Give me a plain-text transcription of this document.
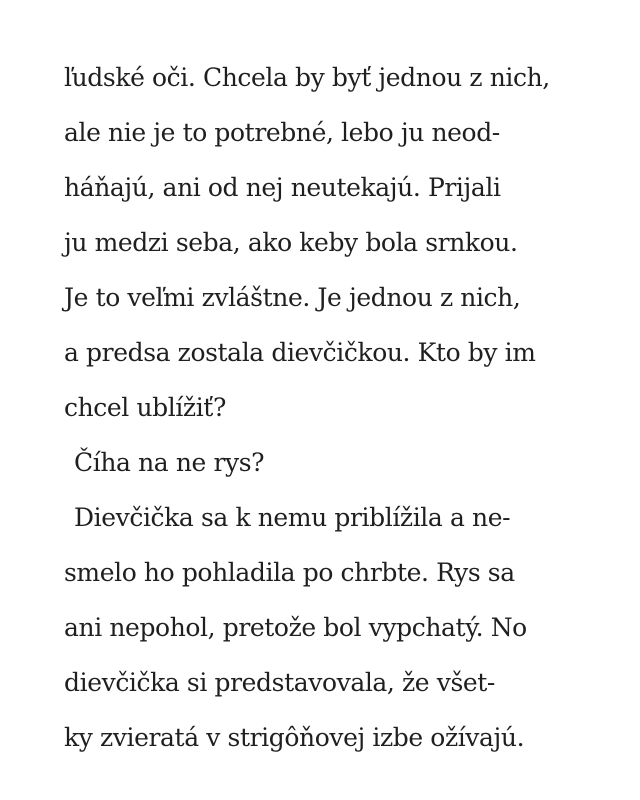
ľudské oči. Chcela by byť jednou z nich,
ale nie je to potrebné, lebo ju neod-
háňajú, ani od nej neutekajú. Prijali
ju medzi seba, ako keby bola srnkou.
Je to veľmi zvláštne. Je jednou z nich,
a predsa zostala dievčičkou. Kto by im
chcel ublížiť?
Číha na ne rys?
Dievčička sa k nemu priblížila a ne-
smelo ho pohladila po chrbte. Rys sa
ani nepohol, pretože bol vypchatý. No
dievčička si predstavovala, že všet-
ky zvieratá v strigôňovej izbe ožívajú.
